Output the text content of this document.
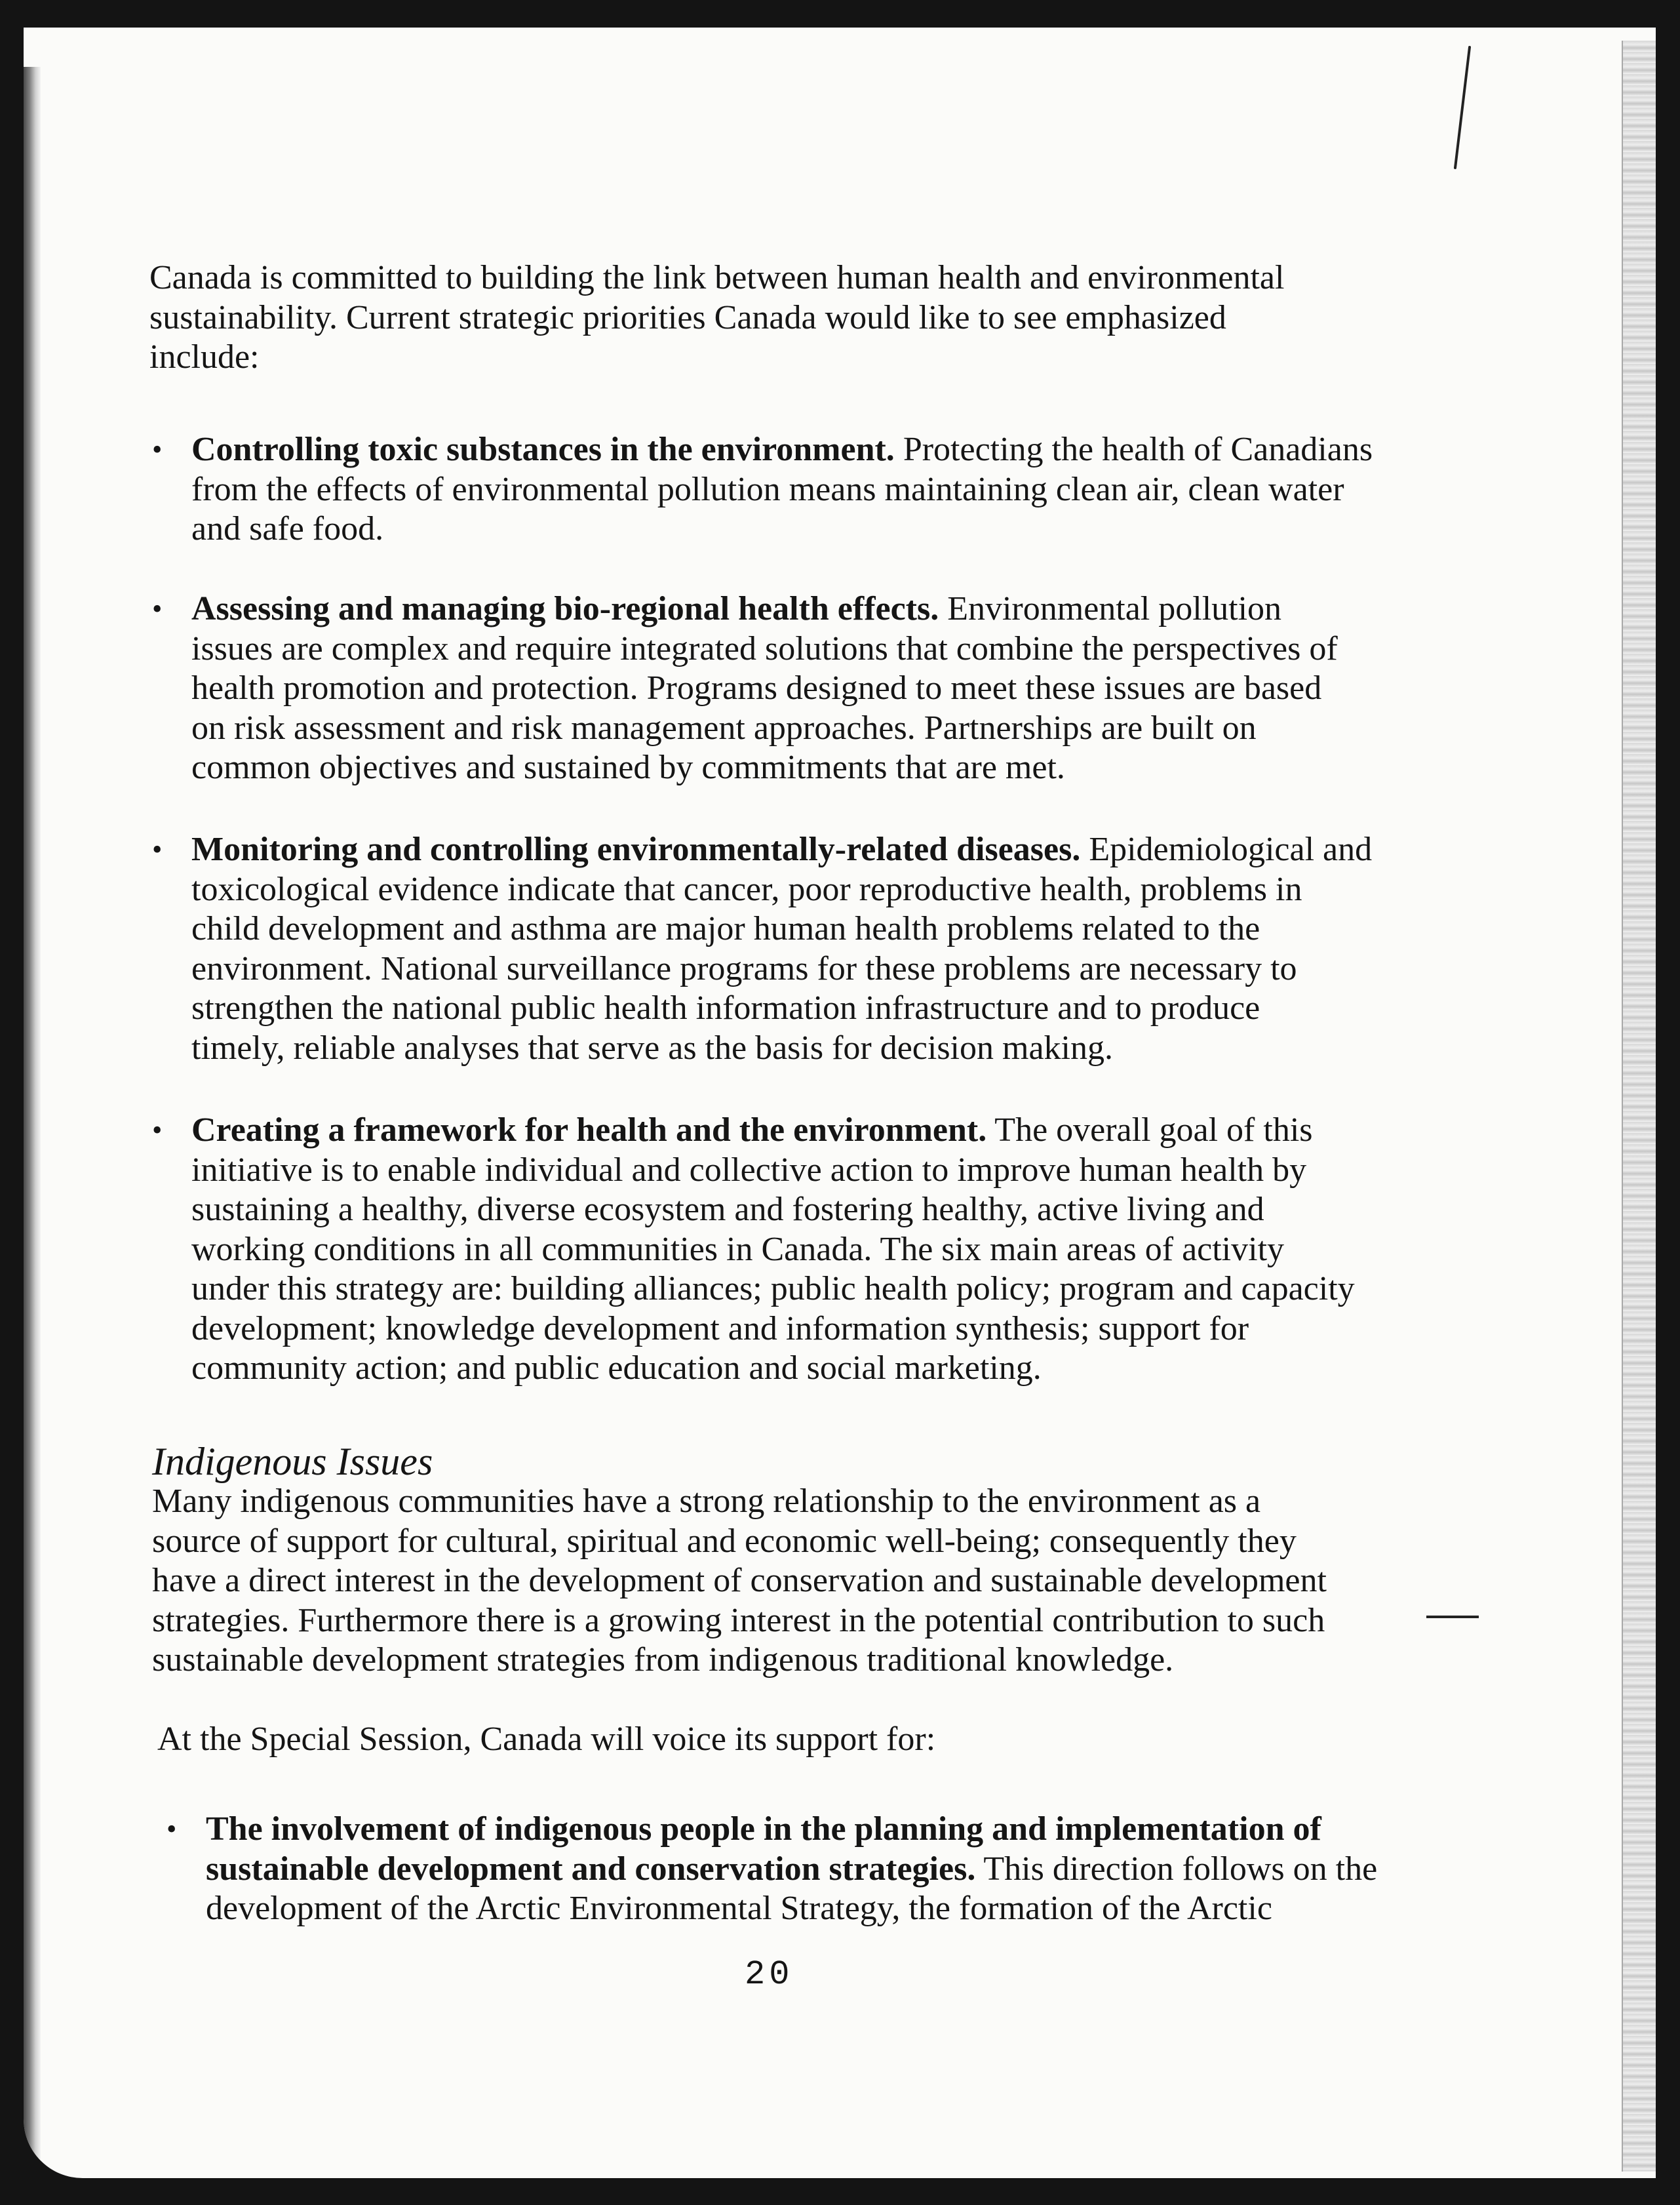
Canada is committed to building the link between human health and environmental

sustainability. Current strategic priorities Canada would like to see emphasized

include:

• Controlling toxic substances in the environment. Protecting the health of Canadians

from the effects of environmental pollution means maintaining clean air, clean water

and safe food.

• Assessing and managing bio-regional health effects. Environmental pollution

issues are complex and require integrated solutions that combine the perspectives of

health promotion and protection. Programs designed to meet these issues are based

on risk assessment and risk management approaches. Partnerships are built on

common objectives and sustained by commitments that are met.

• Monitoring and controlling environmentally-related diseases. Epidemiological and

toxicological evidence indicate that cancer, poor reproductive health, problems in

child development and asthma are major human health problems related to the

environment. National surveillance programs for these problems are necessary to

strengthen the national public health information infrastructure and to produce

timely, reliable analyses that serve as the basis for decision making.

• Creating a framework for health and the environment. The overall goal of this

initiative is to enable individual and collective action to improve human health by

sustaining a healthy, diverse ecosystem and fostering healthy, active living and

working conditions in all communities in Canada. The six main areas of activity

under this strategy are: building alliances; public health policy; program and capacity

development; knowledge development and information synthesis; support for

community action; and public education and social marketing.

Indigenous Issues

Many indigenous communities have a strong relationship to the environment as a

source of support for cultural, spiritual and economic well-being; consequently they

have a direct interest in the development of conservation and sustainable development

strategies. Furthermore there is a growing interest in the potential contribution to such

sustainable development strategies from indigenous traditional knowledge.

At the Special Session, Canada will voice its support for:
• The involvement of indigenous people in the planning and implementation of

sustainable development and conservation strategies. This direction follows on the

development of the Arctic Environmental Strategy, the formation of the Arctic

20
